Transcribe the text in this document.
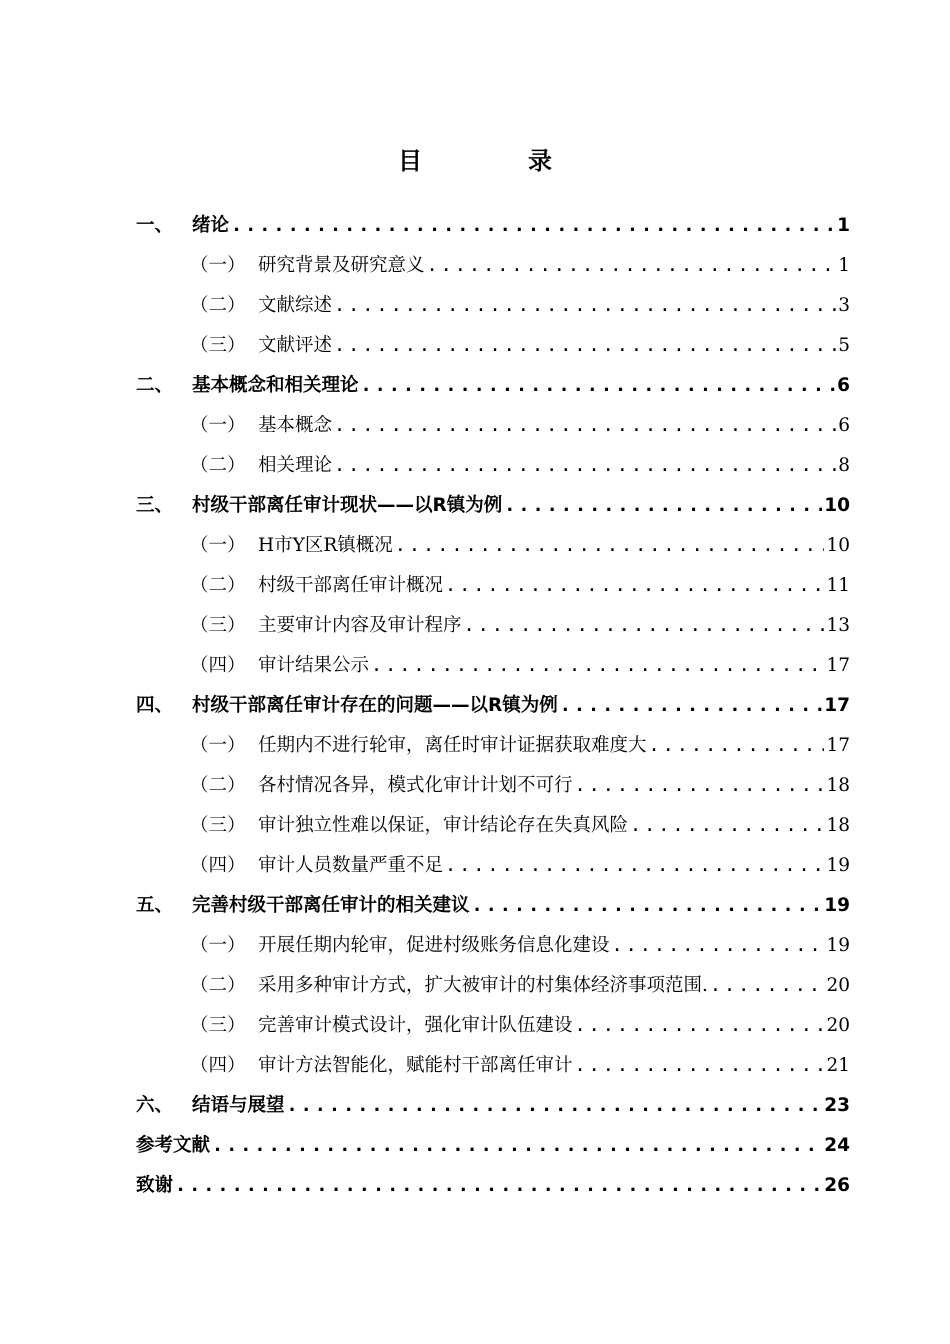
目录
一、	绪论 .....	1
（一） 研究背景及研究意义 .....	1
（二） 文献综述 .....	3
（三） 文献评述 .....	5
二、	基本概念和相关理论 .....	6
（一） 基本概念 .....	6
（二） 相关理论 .....	8
三、	村级干部离任审计现状——以R镇为例 .....	10
（一） H市Y区R镇概况 .....	10
（二） 村级干部离任审计概况 .....	11
（三） 主要审计内容及审计程序 .....	13
（四） 审计结果公示 .....	17
四、	村级干部离任审计存在的问题——以R镇为例 .....	17
（一） 任期内不进行轮审，离任时审计证据获取难度大 .....	17
（二） 各村情况各异，模式化审计计划不可行 .....	18
（三） 审计独立性难以保证，审计结论存在失真风险 .....	18
（四） 审计人员数量严重不足 .....	19
五、	完善村级干部离任审计的相关建议 .....	19
（一） 开展任期内轮审，促进村级账务信息化建设 .....	19
（二） 采用多种审计方式，扩大被审计的村集体经济事项范围. .....	20
（三） 完善审计模式设计，强化审计队伍建设 .....	20
（四） 审计方法智能化，赋能村干部离任审计 .....	21
六、	结语与展望 .....	23
参考文献 .....	24
致谢 .....	26
